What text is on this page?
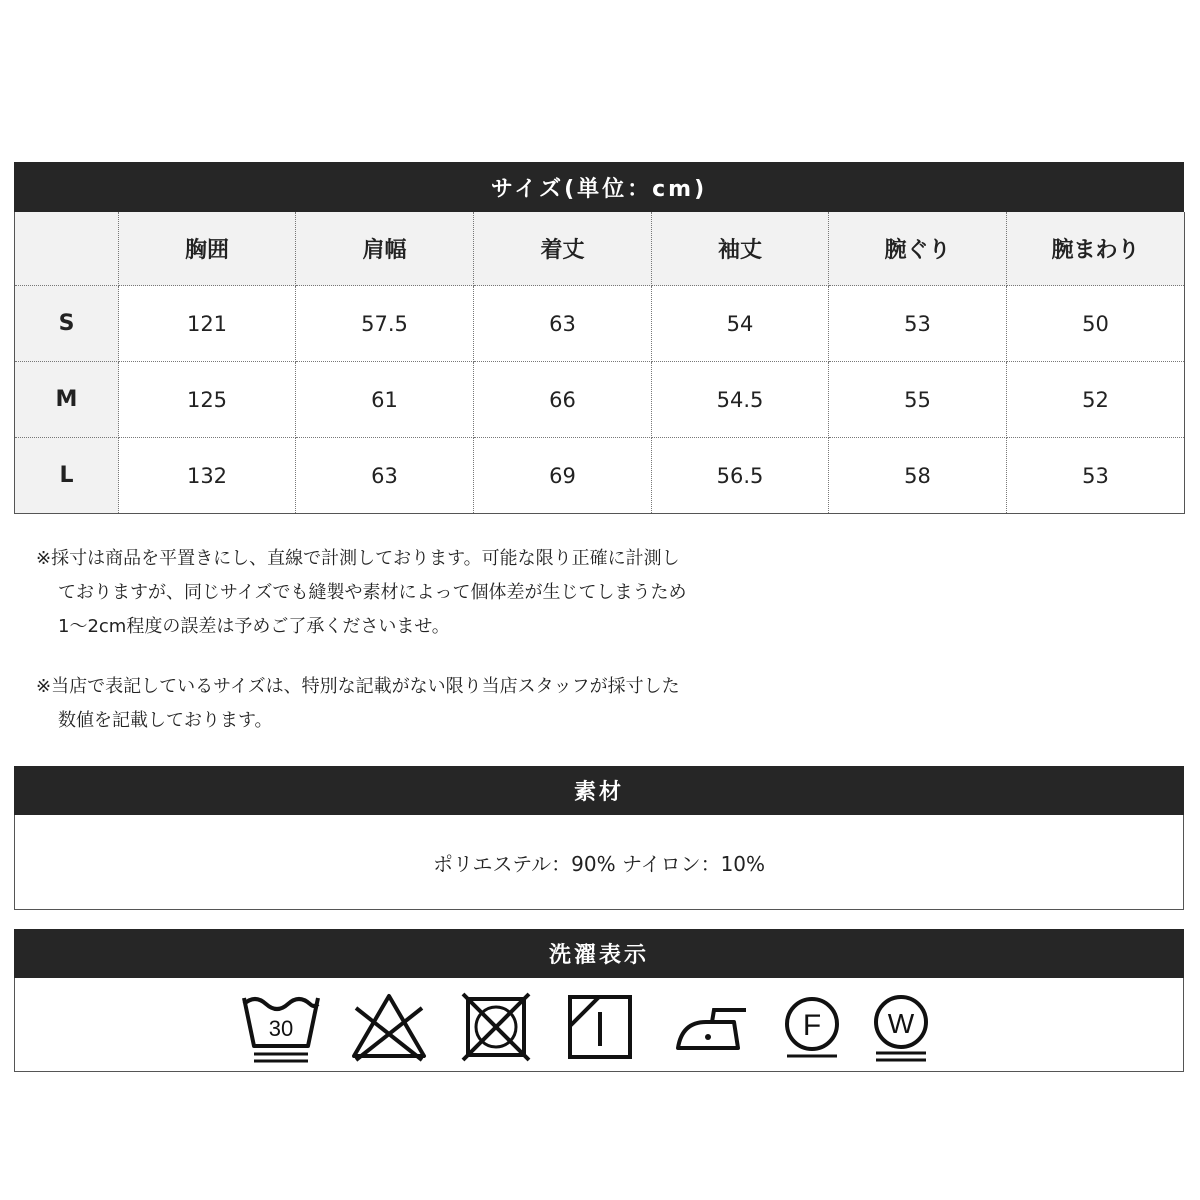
サイズ(単位：cm)
	胸囲	肩幅	着丈	袖丈	腕ぐり	腕まわり
S	121	57.5	63	54	53	50
M	125	61	66	54.5	55	52
L	132	63	69	56.5	58	53
※採寸は商品を平置きにし、直線で計測しております。可能な限り正確に計測し
ておりますが、同じサイズでも縫製や素材によって個体差が生じてしまうため
1〜2cm程度の誤差は予めご了承くださいませ。
※当店で表記しているサイズは、特別な記載がない限り当店スタッフが採寸した
数値を記載しております。
素材
ポリエステル：90% ナイロン：10%
洗濯表示
30	F W
